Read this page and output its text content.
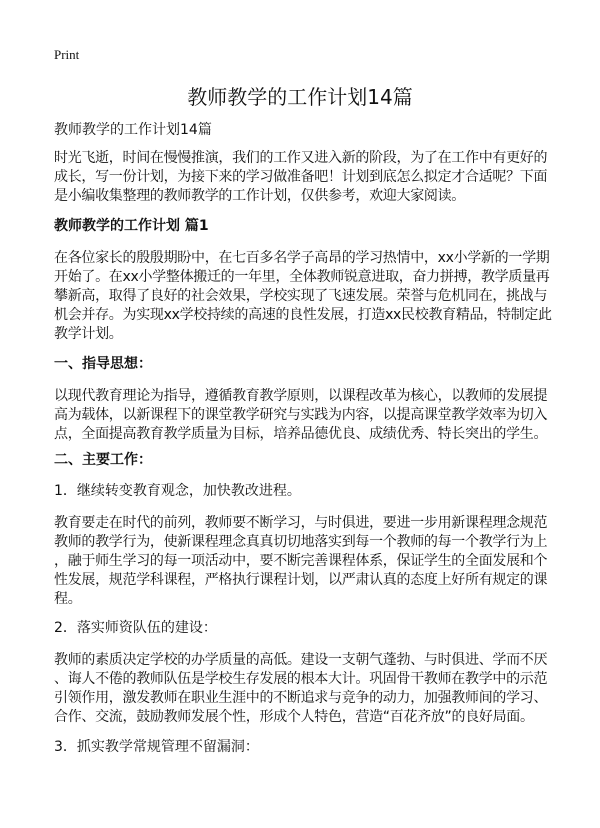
Print
教师教学的工作计划14篇
教师教学的工作计划14篇
时光飞逝，时间在慢慢推演，我们的工作又进入新的阶段，为了在工作中有更好的
成长，写一份计划，为接下来的学习做准备吧！计划到底怎么拟定才合适呢？下面
是小编收集整理的教师教学的工作计划，仅供参考，欢迎大家阅读。
教师教学的工作计划 篇1
在各位家长的殷殷期盼中，在七百多名学子高昂的学习热情中，xx小学新的一学期
开始了。在xx小学整体搬迁的一年里，全体教师锐意进取，奋力拼搏，教学质量再
攀新高，取得了良好的社会效果，学校实现了飞速发展。荣誉与危机同在，挑战与
机会并存。为实现xx学校持续的高速的良性发展，打造xx民校教育精品，特制定此
教学计划。
一、指导思想：
以现代教育理论为指导，遵循教育教学原则，以课程改革为核心，以教师的发展提
高为载体，以新课程下的课堂教学研究与实践为内容，以提高课堂教学效率为切入
点，全面提高教育教学质量为目标，培养品德优良、成绩优秀、特长突出的学生。
二、主要工作：
1．继续转变教育观念，加快教改进程。
教育要走在时代的前列，教师要不断学习，与时俱进，要进一步用新课程理念规范
教师的教学行为，使新课程理念真真切切地落实到每一个教师的每一个教学行为上
，融于师生学习的每一项活动中，要不断完善课程体系，保证学生的全面发展和个
性发展，规范学科课程，严格执行课程计划，以严肃认真的态度上好所有规定的课
程。
2．落实师资队伍的建设：
教师的素质决定学校的办学质量的高低。建设一支朝气蓬勃、与时俱进、学而不厌
、诲人不倦的教师队伍是学校生存发展的根本大计。巩固骨干教师在教学中的示范
引领作用，激发教师在职业生涯中的不断追求与竞争的动力，加强教师间的学习、
合作、交流，鼓励教师发展个性，形成个人特色，营造“百花齐放”的良好局面。
3．抓实教学常规管理不留漏洞：
